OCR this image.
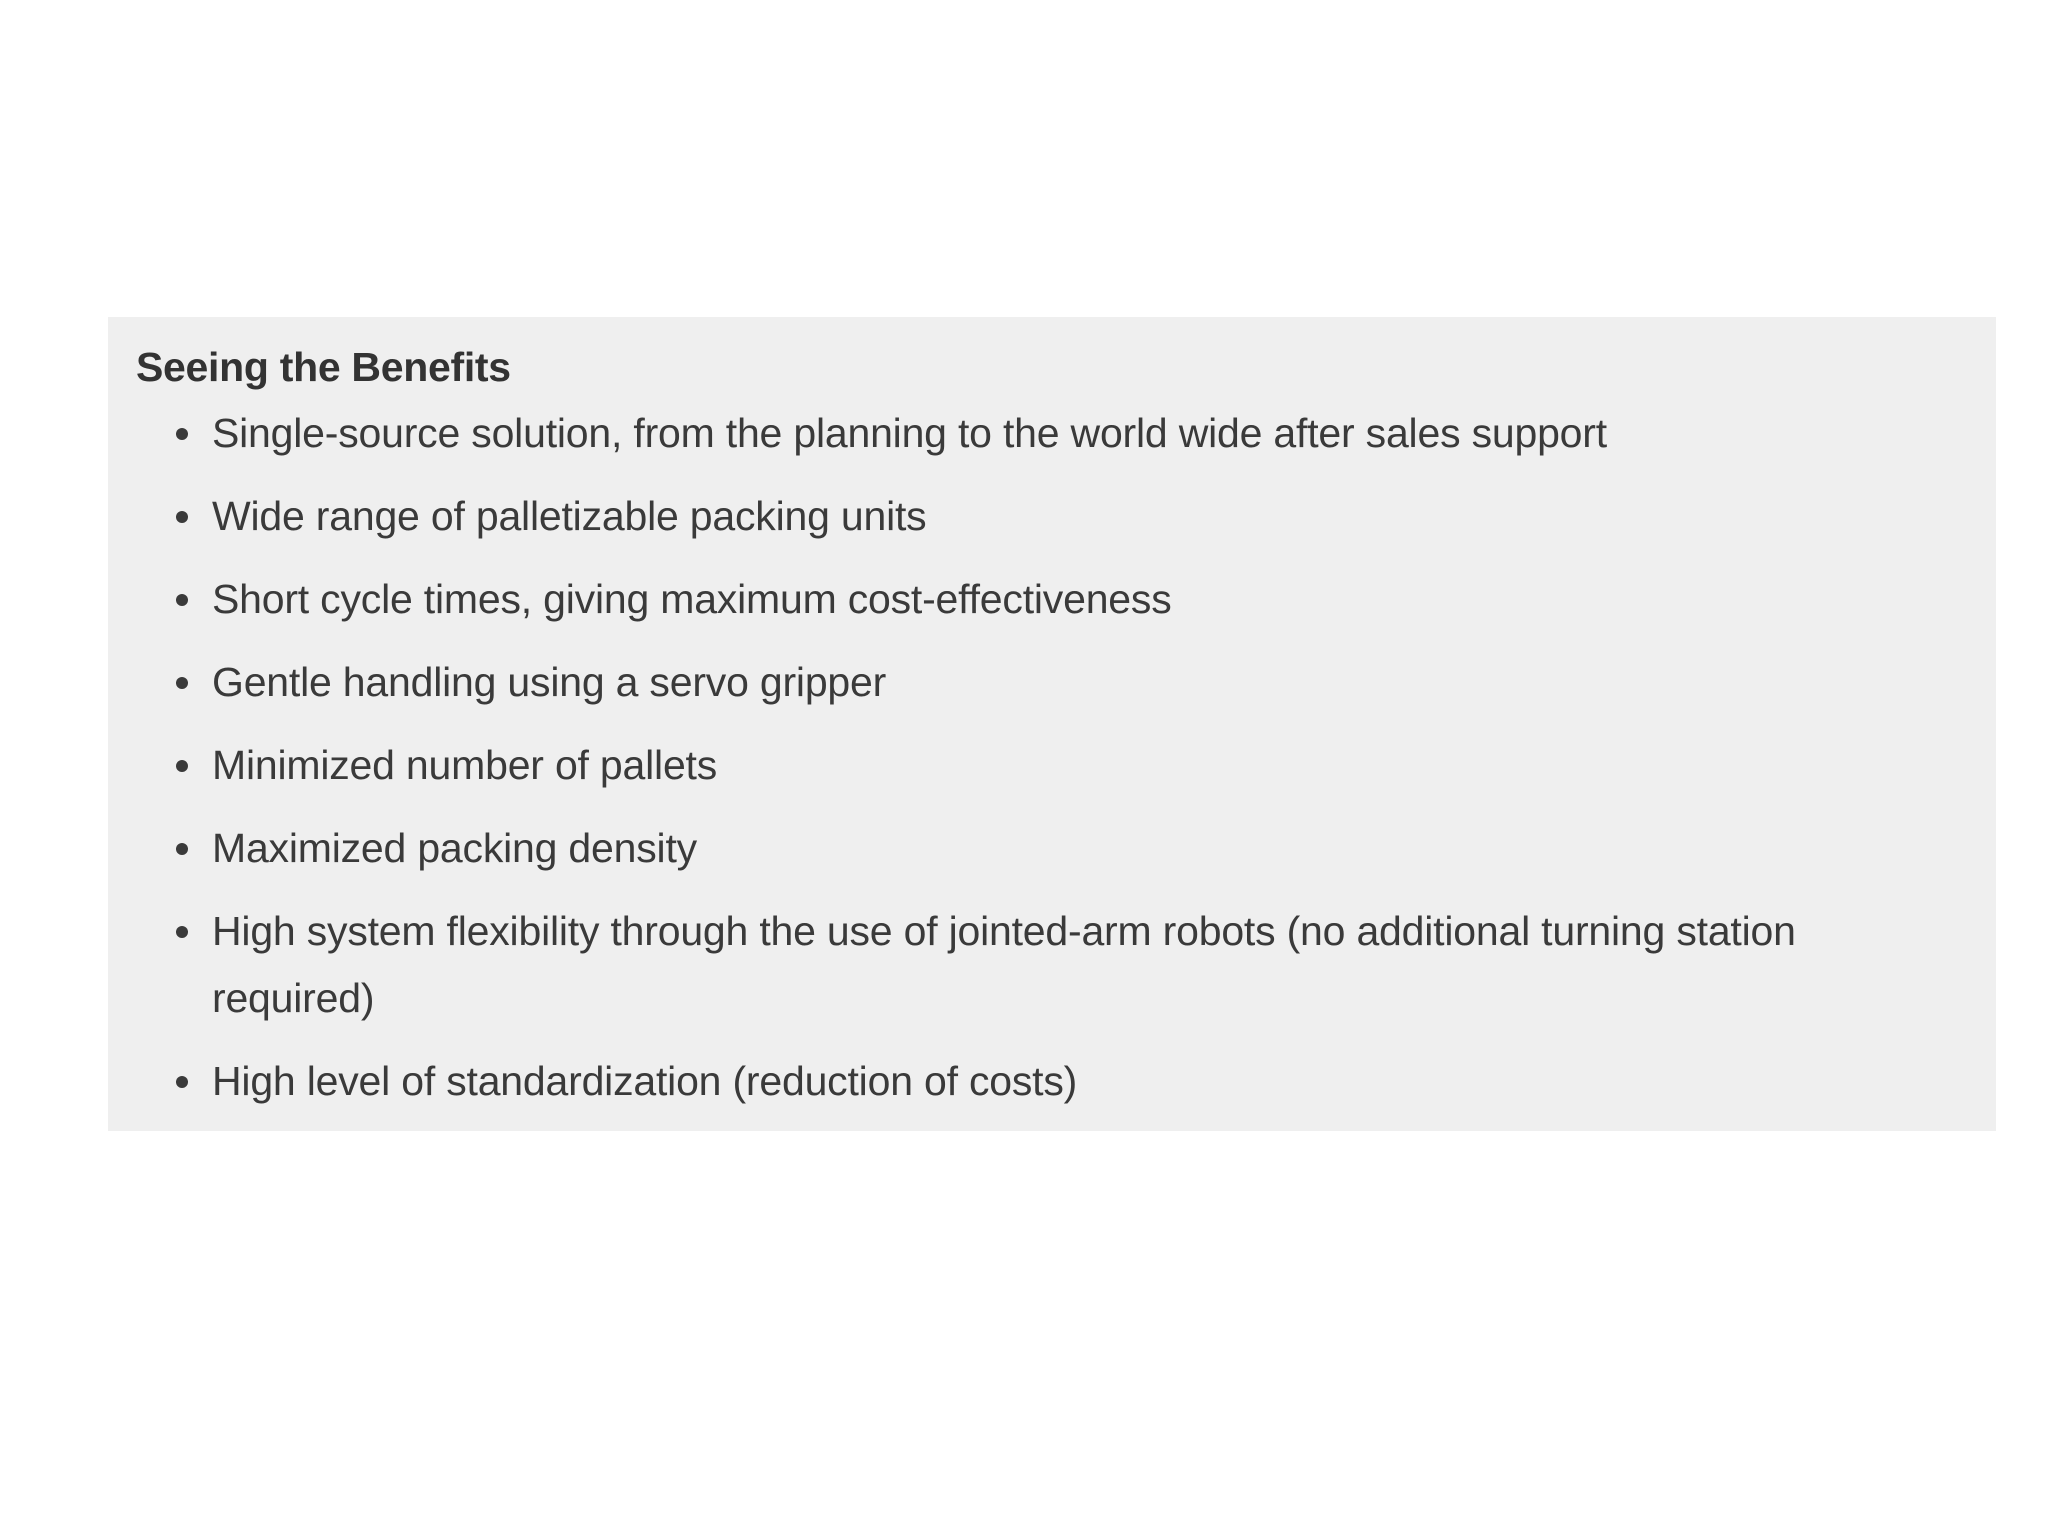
Seeing the Benefits
Single-source solution, from the planning to the world wide after sales support
Wide range of palletizable packing units
Short cycle times, giving maximum cost-effectiveness
Gentle handling using a servo gripper
Minimized number of pallets
Maximized packing density
High system flexibility through the use of jointed-arm robots (no additional turning station required)
High level of standardization (reduction of costs)
